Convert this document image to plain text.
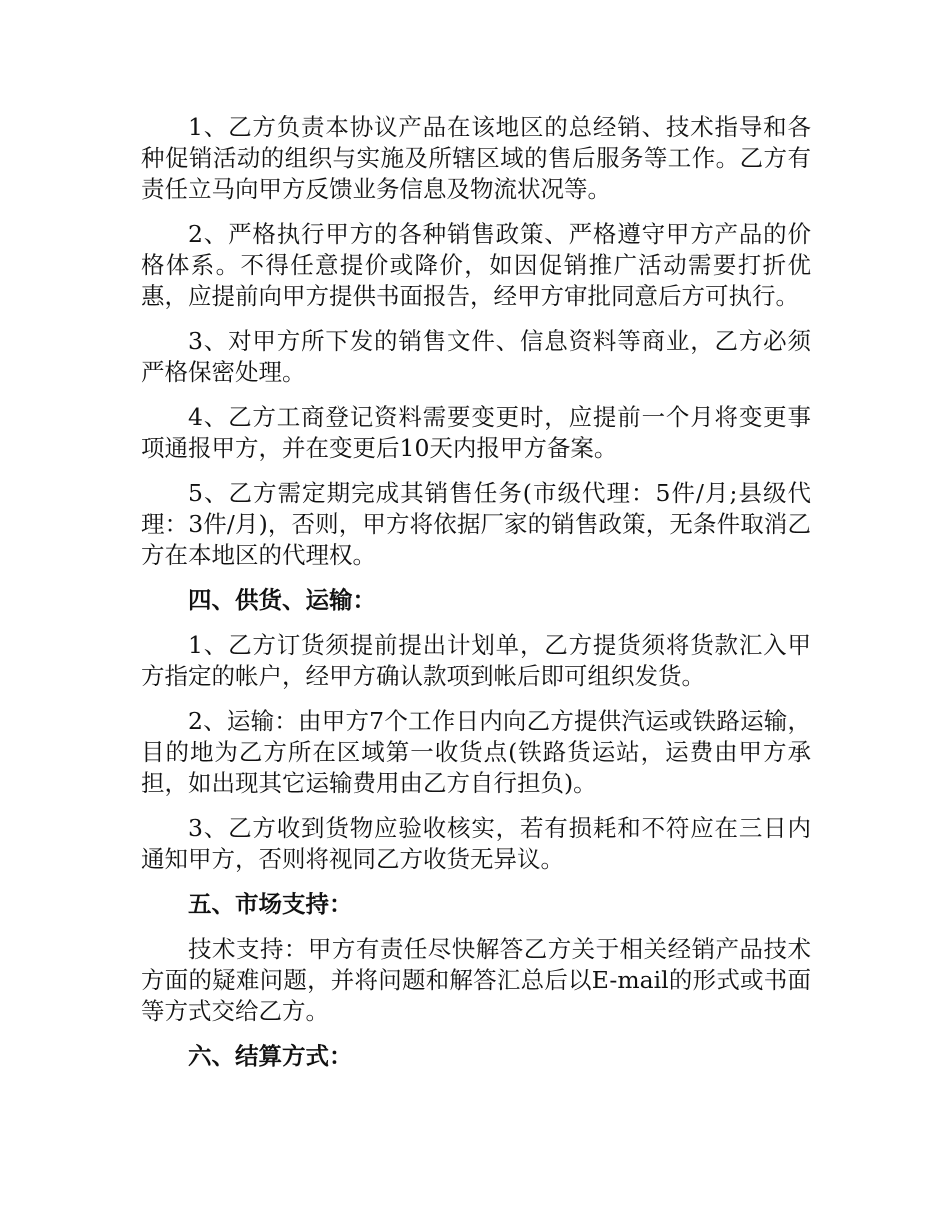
1、乙方负责本协议产品在该地区的总经销、技术指导和各种促销活动的组织与实施及所辖区域的售后服务等工作。乙方有责任立马向甲方反馈业务信息及物流状况等。

2、严格执行甲方的各种销售政策、严格遵守甲方产品的价格体系。不得任意提价或降价，如因促销推广活动需要打折优惠，应提前向甲方提供书面报告，经甲方审批同意后方可执行。

3、对甲方所下发的销售文件、信息资料等商业，乙方必须严格保密处理。

4、乙方工商登记资料需要变更时，应提前一个月将变更事项通报甲方，并在变更后10天内报甲方备案。

5、乙方需定期完成其销售任务(市级代理：5件/月;县级代理：3件/月)，否则，甲方将依据厂家的销售政策，无条件取消乙方在本地区的代理权。

四、供货、运输：

1、乙方订货须提前提出计划单，乙方提货须将货款汇入甲方指定的帐户，经甲方确认款项到帐后即可组织发货。

2、运输：由甲方7个工作日内向乙方提供汽运或铁路运输，目的地为乙方所在区域第一收货点(铁路货运站，运费由甲方承担，如出现其它运输费用由乙方自行担负)。

3、乙方收到货物应验收核实，若有损耗和不符应在三日内通知甲方，否则将视同乙方收货无异议。

五、市场支持：

技术支持：甲方有责任尽快解答乙方关于相关经销产品技术方面的疑难问题，并将问题和解答汇总后以E-mail的形式或书面等方式交给乙方。

六、结算方式：
